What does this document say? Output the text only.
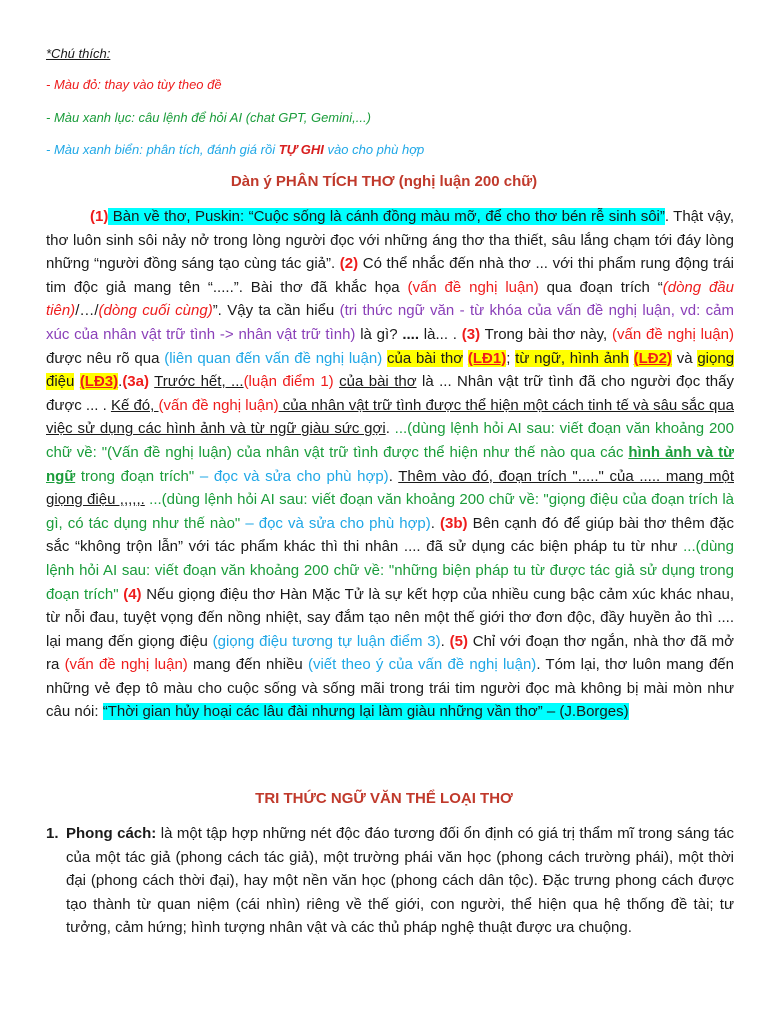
*Chú thích:
- Màu đỏ: thay vào tùy theo đề
- Màu xanh lục: câu lệnh để hỏi AI (chat GPT, Gemini,...)
- Màu xanh biển: phân tích, đánh giá rồi TỰ GHI vào cho phù hợp
Dàn ý PHÂN TÍCH THƠ (nghị luận 200 chữ)

(1) Bàn về thơ, Puskin: “Cuộc sống là cánh đồng màu mỡ, để cho thơ bén rễ sinh sôi”. Thật vậy, thơ luôn sinh sôi nảy nở trong lòng người đọc với những áng thơ tha thiết, sâu lắng chạm tới đáy lòng những “người đồng sáng tạo cùng tác giả”. (2) Có thể nhắc đến nhà thơ ... với thi phẩm rung động trái tim độc giả mang tên “.....”. Bài thơ đã khắc họa (vấn đề nghị luận) qua đoạn trích “(dòng đầu tiên)/…/(dòng cuối cùng)”. Vậy ta cần hiểu (tri thức ngữ văn - từ khóa của vấn đề nghị luận, vd: cảm xúc của nhân vật trữ tình -> nhân vật trữ tình) là gì? .... là... . (3) Trong bài thơ này, (vấn đề nghị luận) được nêu rõ qua (liên quan đến vấn đề nghị luận) của bài thơ (LĐ1); từ ngữ, hình ảnh (LĐ2) và giọng điệu (LĐ3).(3a) Trước hết, ...(luận điểm 1) của bài thơ là ... Nhân vật trữ tình đã cho người đọc thấy được ... . Kế đó, (vấn đề nghị luận) của nhân vật trữ tình được thể hiện một cách tinh tế và sâu sắc qua việc sử dụng các hình ảnh và từ ngữ giàu sức gợi. ...(dùng lệnh hỏi AI sau: viết đoạn văn khoảng 200 chữ về: "(Vấn đề nghị luận) của nhân vật trữ tình được thể hiện như thế nào qua các hình ảnh và từ ngữ trong đoạn trích" – đọc và sửa cho phù hợp). Thêm vào đó, đoạn trích "....." của ..... mang một giọng điệu ,,,,,. ...(dùng lệnh hỏi AI sau: viết đoạn văn khoảng 200 chữ về: "giọng điệu của đoạn trích là gì, có tác dụng như thế nào" – đọc và sửa cho phù hợp). (3b) Bên cạnh đó để giúp bài thơ thêm đặc sắc “không trộn lẫn” với tác phẩm khác thì thi nhân .... đã sử dụng các biện pháp tu từ như ...(dùng lệnh hỏi AI sau: viết đoạn văn khoảng 200 chữ về: "những biện pháp tu từ được tác giả sử dụng trong đoạn trích" (4) Nếu giọng điệu thơ Hàn Mặc Tử là sự kết hợp của nhiều cung bậc cảm xúc khác nhau, từ nỗi đau, tuyệt vọng đến nồng nhiệt, say đắm tạo nên một thế giới thơ đơn độc, đầy huyền ảo thì .... lại mang đến giọng điệu (giọng điệu tương tự luận điểm 3). (5) Chỉ với đoạn thơ ngắn, nhà thơ đã mở ra (vấn đề nghị luận) mang đến nhiều (viết theo ý của vấn đề nghị luận). Tóm lại, thơ luôn mang đến những vẻ đẹp tô màu cho cuộc sống và sống mãi trong trái tim người đọc mà không bị mài mòn như câu nói: “Thời gian hủy hoại các lâu đài nhưng lại làm giàu những vần thơ” – (J.Borges)

TRI THỨC NGỮ VĂN THỂ LOẠI THƠ
1. Phong cách: là một tập hợp những nét độc đáo tương đối ổn định có giá trị thẩm mĩ trong sáng tác của một tác giả (phong cách tác giả), một trường phái văn học (phong cách trường phái), một thời đại (phong cách thời đại), hay một nền văn học (phong cách dân tộc). Đặc trưng phong cách được tạo thành từ quan niệm (cái nhìn) riêng về thế giới, con người, thể hiện qua hệ thống đề tài; tư tưởng, cảm hứng; hình tượng nhân vật và các thủ pháp nghệ thuật được ưa chuộng.
